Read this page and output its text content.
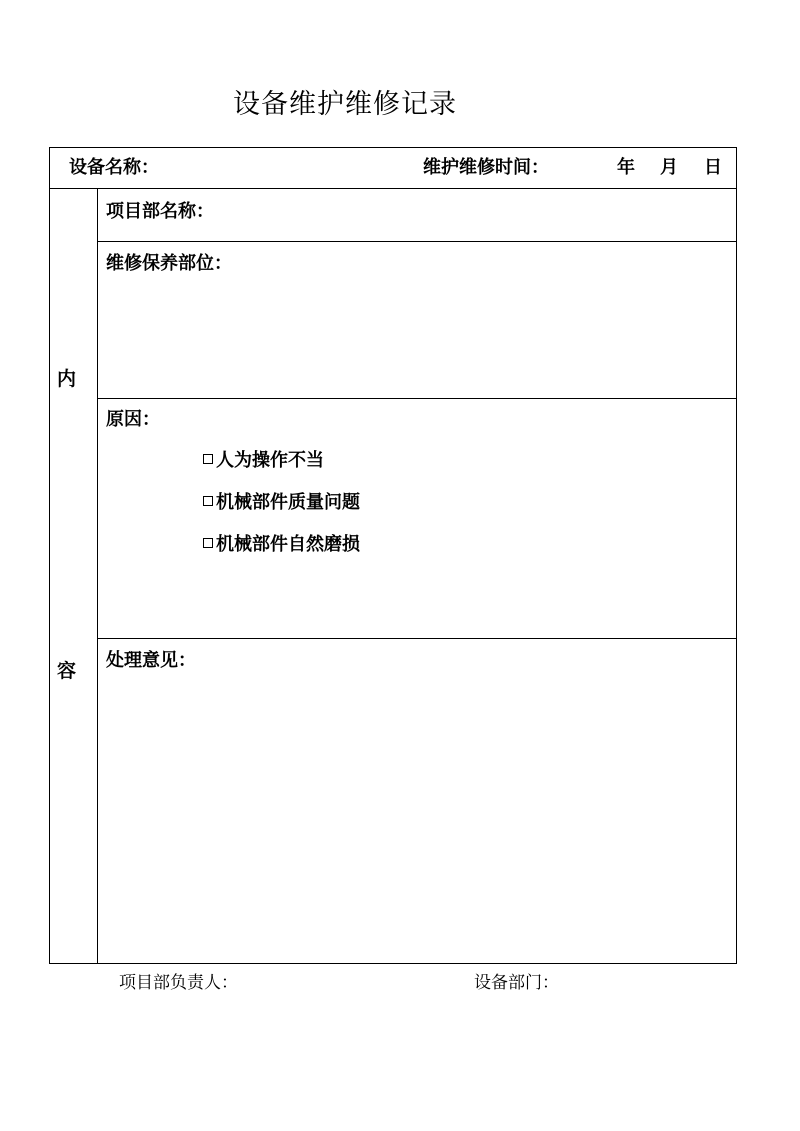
设备维护维修记录
设备名称：	维护维修时间：	年 月 日
内
容
项目部名称：
维修保养部位：
原因：
人为操作不当
机械部件质量问题
机械部件自然磨损
处理意见：
项目部负责人：	设备部门：
